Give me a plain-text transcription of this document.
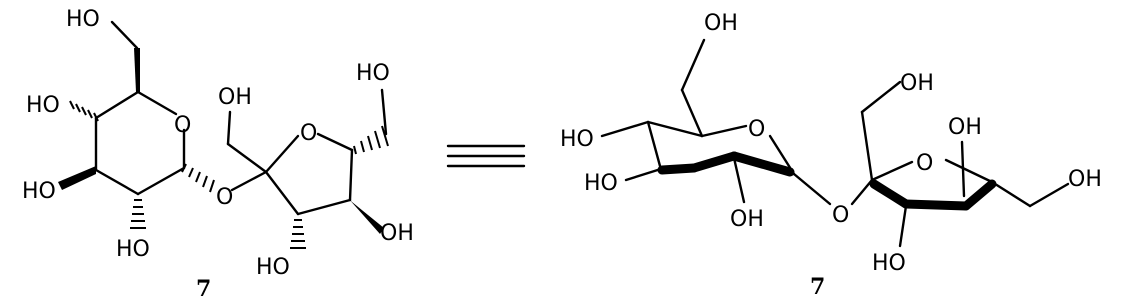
HO
HO
HO
HO
O
OH
HO
O
O
OH
HO
7
OH
HO
HO
OH
O
OH
OH
O
O
OH
HO
7
